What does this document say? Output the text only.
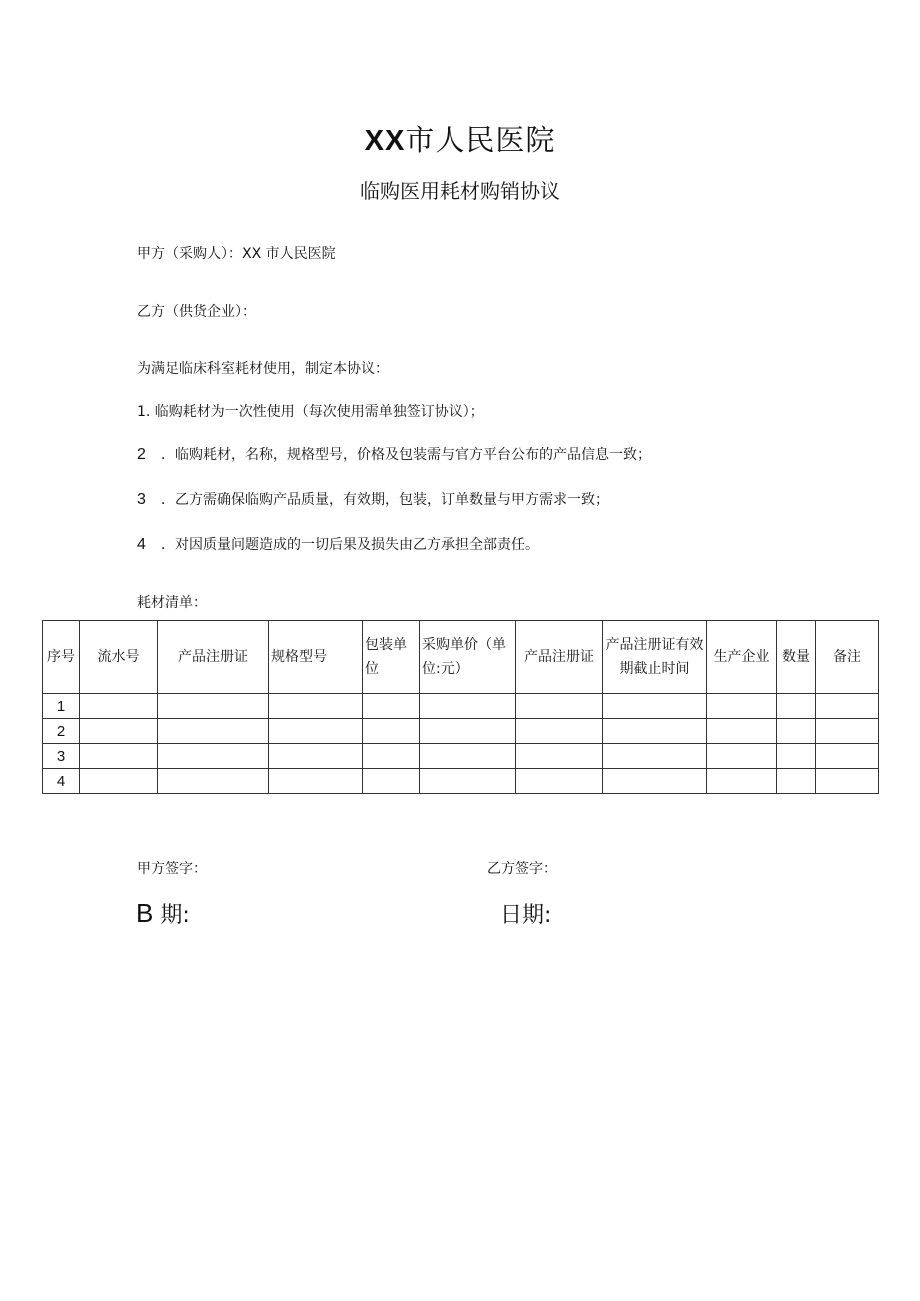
XX市人民医院
临购医用耗材购销协议
甲方（采购人）：XX 市人民医院
乙方（供货企业）：
为满足临床科室耗材使用，制定本协议：
1. 临购耗材为一次性使用（每次使用需单独签订协议）；
2 ．临购耗材，名称，规格型号，价格及包装需与官方平台公布的产品信息一致；
3 ．乙方需确保临购产品质量，有效期，包装，订单数量与甲方需求一致；
4 ．对因质量问题造成的一切后果及损失由乙方承担全部责任。
耗材清单：
序号	流水号	产品注册证	规格型号	包装单位	采购单价（单位:元）	产品注册证	产品注册证有效期截止时间	生产企业	数量	备注
1										
2										
3										
4										
甲方签字：	乙方签字：
B 期:	日期:
